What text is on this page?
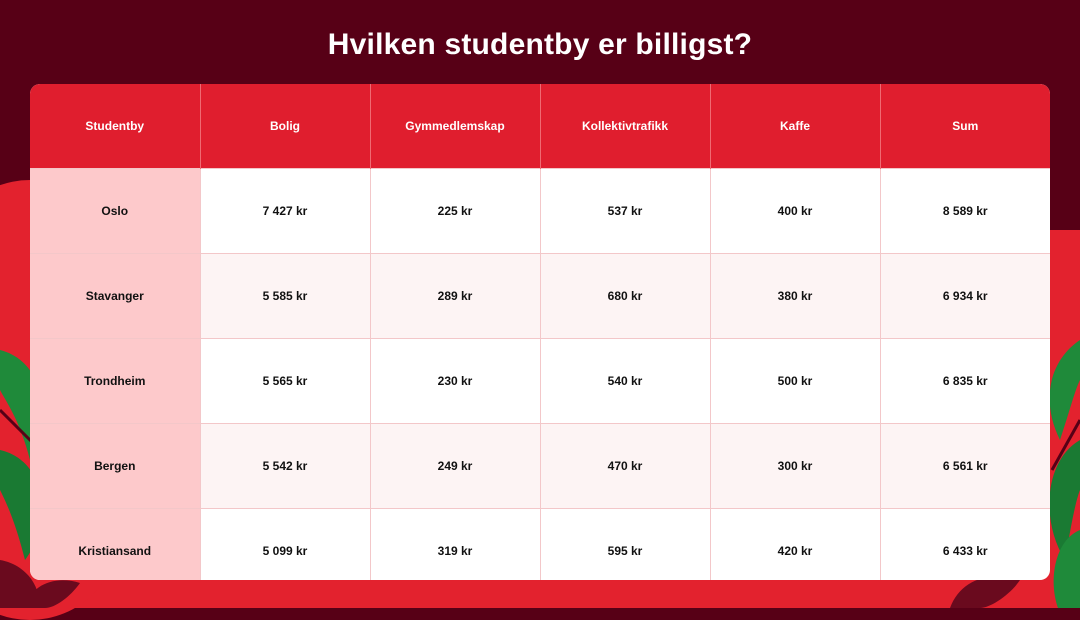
Hvilken studentby er billigst?
Studentby	Bolig	Gymmedlemskap	Kollektivtrafikk	Kaffe	Sum
Oslo	7 427 kr	225 kr	537 kr	400 kr	8 589 kr
Stavanger	5 585 kr	289 kr	680 kr	380 kr	6 934 kr
Trondheim	5 565 kr	230 kr	540 kr	500 kr	6 835 kr
Bergen	5 542 kr	249 kr	470 kr	300 kr	6 561 kr
Kristiansand	5 099 kr	319 kr	595 kr	420 kr	6 433 kr
